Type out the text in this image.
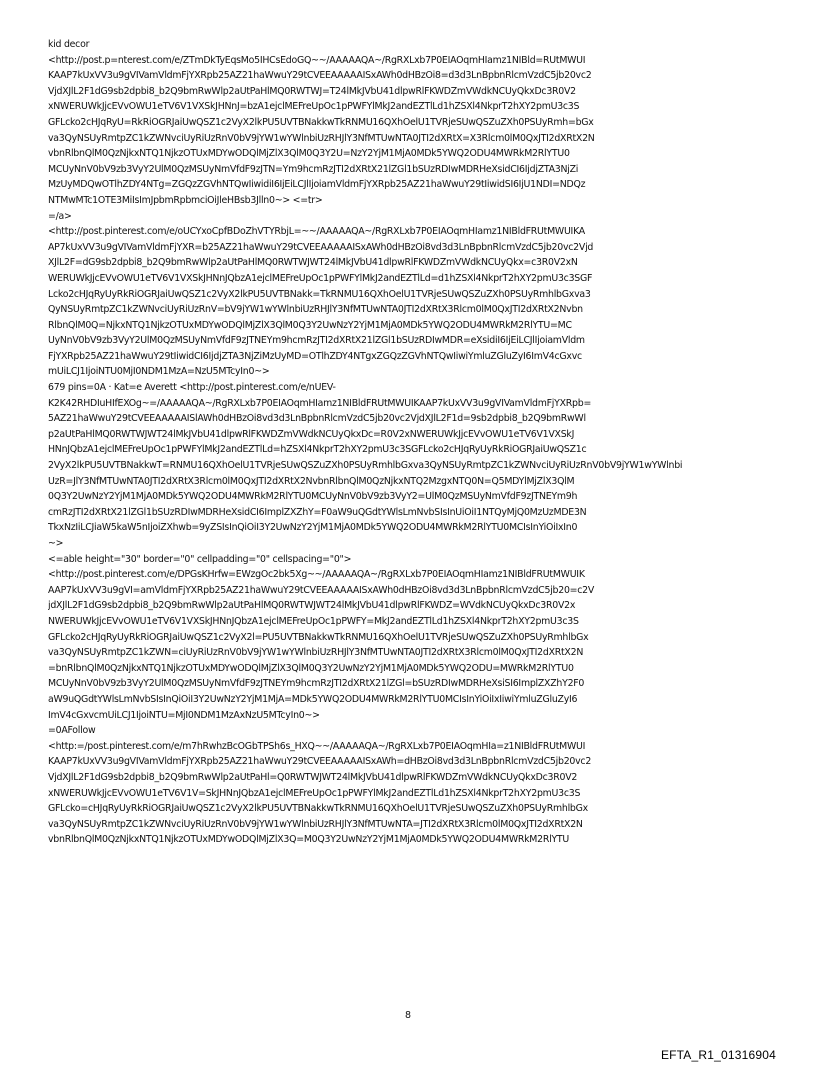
kid decor
<http://post.p=nterest.com/e/ZTmDkTyEqsMo5IHCsEdoGQ~~/AAAAAQA~/RgRXLxb7P0EIAOqmHIamz1NIBld=RUtMWUI
KAAP7kUxVV3u9gVIVamVldmFjYXRpb25AZ21haWwuY29tCVEEAAAAAISxAWh0dHBzOi8=d3d3LnBpbnRlcmVzdC5jb20vc2
VjdXJlL2F1dG9sb2dpbi8_b2Q9bmRwWlp2aUtPaHlMQ0RWTWJ=T24lMkJVbU41dlpwRlFKWDZmVWdkNCUyQkxDc3R0V2
xNWERUWkJjcEVvOWU1eTV6V1VXSkJHNnJ=bzA1ejclMEFreUpOc1pPWFYlMkJ2andEZTlLd1hZSXl4NkprT2hXY2pmU3c3S
GFLcko2cHJqRyU=RkRiOGRJaiUwQSZ1c2VyX2lkPU5UVTBNakkwTkRNMU16QXhOelU1TVRjeSUwQSZuZXh0PSUyRmh=bGx
va3QyNSUyRmtpZC1kZWNvciUyRiUzRnV0bV9jYW1wYWlnbiUzRHJlY3NfMTUwNTA0JTI2dXRtX=X3Rlcm0lM0QxJTI2dXRtX2N
vbnRlbnQlM0QzNjkxNTQ1NjkzOTUxMDYwODQlMjZlX3QlM0Q3Y2U=NzY2YjM1MjA0MDk5YWQ2ODU4MWRkM2RlYTU0
MCUyNnV0bV9zb3VyY2UlM0QzMSUyNmVfdF9zJTN=Ym9hcmRzJTI2dXRtX21lZGl1bSUzRDIwMDRHeXsidCI6IjdjZTA3NjZi
MzUyMDQwOTlhZDY4NTg=ZGQzZGVhNTQwIiwidiI6IjEiLCJlIjoiamVldmFjYXRpb25AZ21haWwuY29tIiwidSI6IjU1NDI=NDQz
NTMwMTc1OTE3MiIsImJpbmRpbmciOiJleHBsb3Jlln0~> <=tr>
=/a>
<http://post.pinterest.com/e/oUCYxoCpfBDoZhVTYRbjL=~~/AAAAAQA~/RgRXLxb7P0EIAOqmHIamz1NIBldFRUtMWUIKA
AP7kUxVV3u9gVIVamVldmFjYXR=b25AZ21haWwuY29tCVEEAAAAAISxAWh0dHBzOi8vd3d3LnBpbnRlcmVzdC5jb20vc2Vjd
XJlL2F=dG9sb2dpbi8_b2Q9bmRwWlp2aUtPaHlMQ0RWTWJWT24lMkJVbU41dlpwRlFKWDZmVWdkNCUyQkx=c3R0V2xN
WERUWkJjcEVvOWU1eTV6V1VXSkJHNnJQbzA1ejclMEFreUpOc1pPWFYlMkJ2andEZTlLd=d1hZSXl4NkprT2hXY2pmU3c3SGF
Lcko2cHJqRyUyRkRiOGRJaiUwQSZ1c2VyX2lkPU5UVTBNakk=TkRNMU16QXhOelU1TVRjeSUwQSZuZXh0PSUyRmhlbGxva3
QyNSUyRmtpZC1kZWNvciUyRiUzRnV=bV9jYW1wYWlnbiUzRHJlY3NfMTUwNTA0JTI2dXRtX3Rlcm0lM0QxJTI2dXRtX2Nvbn
RlbnQlM0Q=NjkxNTQ1NjkzOTUxMDYwODQlMjZlX3QlM0Q3Y2UwNzY2YjM1MjA0MDk5YWQ2ODU4MWRkM2RlYTU=MC
UyNnV0bV9zb3VyY2UlM0QzMSUyNmVfdF9zJTNEYm9hcmRzJTI2dXRtX21lZGl1bSUzRDIwMDR=eXsidiI6IjEiLCJlIjoiamVldm
FjYXRpb25AZ21haWwuY29tIiwidCI6IjdjZTA3NjZiMzUyMD=OTlhZDY4NTgxZGQzZGVhNTQwIiwiYmluZGluZyI6ImV4cGxvc
mUiLCJ1IjoiNTU0MjI0NDM1MzA=NzU5MTcyIn0~>
679 pins=0A · Kat=e Averett <http://post.pinterest.com/e/nUEV-
K2K42RHDIuHIfEXOg~=/AAAAAQA~/RgRXLxb7P0EIAOqmHIamz1NIBldFRUtMWUIKAAP7kUxVV3u9gVIVamVldmFjYXRpb=
5AZ21haWwuY29tCVEEAAAAAISlAWh0dHBzOi8vd3d3LnBpbnRlcmVzdC5jb20vc2VjdXJlL2F1d=9sb2dpbi8_b2Q9bmRwWl
p2aUtPaHlMQ0RWTWJWT24lMkJVbU41dlpwRlFKWDZmVWdkNCUyQkxDc=R0V2xNWERUWkJjcEVvOWU1eTV6V1VXSkJ
HNnJQbzA1ejclMEFreUpOc1pPWFYlMkJ2andEZTlLd=hZSXl4NkprT2hXY2pmU3c3SGFLcko2cHJqRyUyRkRiOGRJaiUwQSZ1c
2VyX2lkPU5UVTBNakkwT=RNMU16QXhOelU1TVRjeSUwQSZuZXh0PSUyRmhlbGxva3QyNSUyRmtpZC1kZWNvciUyRiUzRnV0bV9jYW1wYWlnbi
UzR=JlY3NfMTUwNTA0JTI2dXRtX3Rlcm0lM0QxJTI2dXRtX2NvbnRlbnQlM0QzNjkxNTQ2MzgxNTQ0N=Q5MDYlMjZlX3QlM
0Q3Y2UwNzY2YjM1MjA0MDk5YWQ2ODU4MWRkM2RlYTU0MCUyNnV0bV9zb3VyY2=UlM0QzMSUyNmVfdF9zJTNEYm9h
cmRzJTI2dXRtX21lZGl1bSUzRDIwMDRHeXsidCI6ImplZXZhY=F0aW9uQGdtYWlsLmNvbSIsInUiOiI1NTQyMjQ0MzUzMDE3N
TkxNzIiLCJiaW5kaW5nIjoiZXhwb=9yZSIsInQiOiI3Y2UwNzY2YjM1MjA0MDk5YWQ2ODU4MWRkM2RlYTU0MCIsInYiOiIxIn0
~>
<=able height="30" border="0" cellpadding="0" cellspacing="0">
<http://post.pinterest.com/e/DPGsKHrfw=EWzgOc2bk5Xg~~/AAAAAQA~/RgRXLxb7P0EIAOqmHIamz1NIBldFRUtMWUIK
AAP7kUxVV3u9gVI=amVldmFjYXRpb25AZ21haWwuY29tCVEEAAAAAISxAWh0dHBzOi8vd3d3LnBpbnRlcmVzdC5jb20=c2V
jdXJlL2F1dG9sb2dpbi8_b2Q9bmRwWlp2aUtPaHlMQ0RWTWJWT24lMkJVbU41dlpwRlFKWDZ=WVdkNCUyQkxDc3R0V2x
NWERUWkJjcEVvOWU1eTV6V1VXSkJHNnJQbzA1ejclMEFreUpOc1pPWFY=MkJ2andEZTlLd1hZSXl4NkprT2hXY2pmU3c3S
GFLcko2cHJqRyUyRkRiOGRJaiUwQSZ1c2VyX2l=PU5UVTBNakkwTkRNMU16QXhOelU1TVRjeSUwQSZuZXh0PSUyRmhlbGx
va3QyNSUyRmtpZC1kZWN=ciUyRiUzRnV0bV9jYW1wYWlnbiUzRHJlY3NfMTUwNTA0JTI2dXRtX3Rlcm0lM0QxJTI2dXRtX2N
=bnRlbnQlM0QzNjkxNTQ1NjkzOTUxMDYwODQlMjZlX3QlM0Q3Y2UwNzY2YjM1MjA0MDk5YWQ2ODU=MWRkM2RlYTU0
MCUyNnV0bV9zb3VyY2UlM0QzMSUyNmVfdF9zJTNEYm9hcmRzJTI2dXRtX21lZGl=bSUzRDIwMDRHeXsiSI6ImplZXZhY2F0
aW9uQGdtYWlsLmNvbSIsInQiOiI3Y2UwNzY2YjM1MjA=MDk5YWQ2ODU4MWRkM2RlYTU0MCIsInYiOiIxIiwiYmluZGluZyI6
ImV4cGxvcmUiLCJ1IjoiNTU=MjI0NDM1MzAxNzU5MTcyIn0~>
=0AFollow
<http:=/post.pinterest.com/e/m7hRwhzBcOGbTPSh6s_HXQ~~/AAAAAQA~/RgRXLxb7P0EIAOqmHIa=z1NIBldFRUtMWUI
KAAP7kUxVV3u9gVIVamVldmFjYXRpb25AZ21haWwuY29tCVEEAAAAAISxAWh=dHBzOi8vd3d3LnBpbnRlcmVzdC5jb20vc2
VjdXJlL2F1dG9sb2dpbi8_b2Q9bmRwWlp2aUtPaHl=Q0RWTWJWT24lMkJVbU41dlpwRlFKWDZmVWdkNCUyQkxDc3R0V2
xNWERUWkJjcEVvOWU1eTV6V1V=SkJHNnJQbzA1ejclMEFreUpOc1pPWFYlMkJ2andEZTlLd1hZSXl4NkprT2hXY2pmU3c3S
GFLcko=cHJqRyUyRkRiOGRJaiUwQSZ1c2VyX2lkPU5UVTBNakkwTkRNMU16QXhOelU1TVRjeSUwQSZuZXh0PSUyRmhlbGx
va3QyNSUyRmtpZC1kZWNvciUyRiUzRnV0bV9jYW1wYWlnbiUzRHJlY3NfMTUwNTA=JTI2dXRtX3Rlcm0lM0QxJTI2dXRtX2N
vbnRlbnQlM0QzNjkxNTQ1NjkzOTUxMDYwODQlMjZlX3Q=M0Q3Y2UwNzY2YjM1MjA0MDk5YWQ2ODU4MWRkM2RlYTU
8
EFTA_R1_01316904
